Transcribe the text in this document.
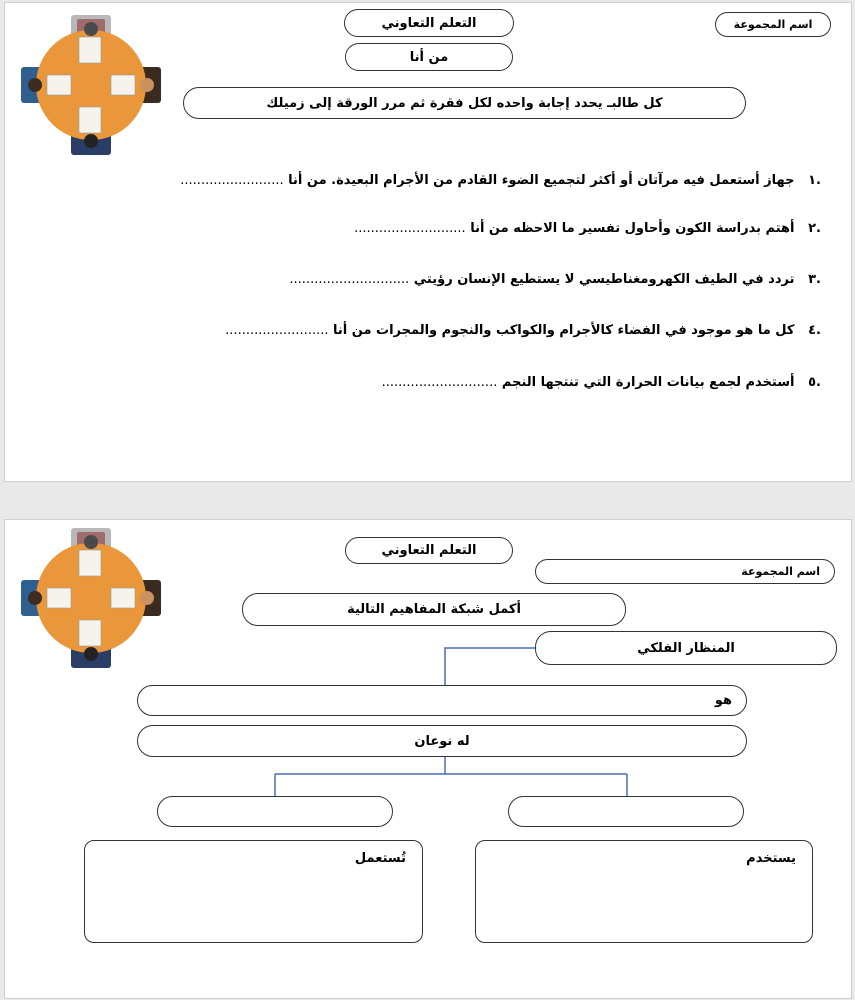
التعلم التعاوني	اسم المجموعة
من أنا
كل طالبـ يحدد إجابة واحده لكل فقرة ثم مرر الورقة إلى زميلك
.١ جهاز أستعمل فيه مرآتان أو أكثر لتجميع الضوء القادم من الأجرام البعيدة. من أنا .........................
.٢ أهتم بدراسة الكون وأحاول تفسير ما الاحظه من أنا ...........................
.٣ تردد في الطيف الكهرومغناطيسي لا يستطيع الإنسان رؤيتي .............................
.٤ كل ما هو موجود في الفضاء كالأجرام والكواكب والنجوم والمجرات من أنا .........................
.٥ أستخدم لجمع بيانات الحرارة التي تنتجها النجم ............................
التعلم التعاوني
اسم المجموعة
أكمل شبكة المفاهيم التالية
المنظار الفلكي
هو
له نوعان
تُستعمل	يستخدم
